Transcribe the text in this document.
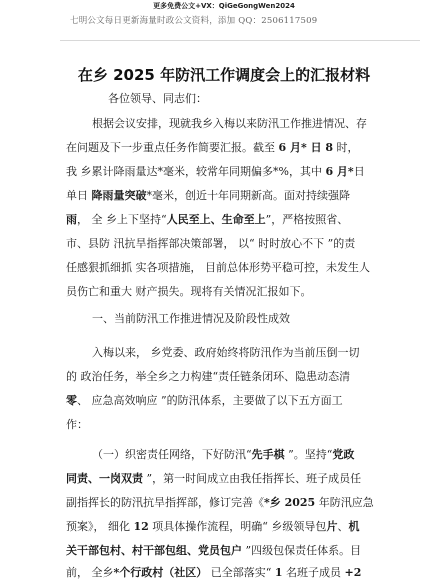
更多免费公文+VX：QiGeGongWen2024
七明公文每日更新海量时政公文资料，添加 QQ：2506117509
在乡 2025 年防汛工作调度会上的汇报材料
各位领导、同志们：
根据会议安排，现就我乡入梅以来防汛工作推进情况、存
在问题及下一步重点任务作简要汇报。截至 6 月* 日 8 时，
我 乡累计降雨量达*毫米，较常年同期偏多*%，其中 6 月*日
单日 降雨量突破*毫米，创近十年同期新高。面对持续强降
雨， 全 乡上下坚持“人民至上、生命至上”，严格按照省、
市、县防 汛抗旱指挥部决策部署， 以“ 时时放心不下 ”的责
任感狠抓细抓 实各项措施， 目前总体形势平稳可控，未发生人
员伤亡和重大 财产损失。现将有关情况汇报如下。
一、当前防汛工作推进情况及阶段性成效
入梅以来， 乡党委、政府始终将防汛作为当前压倒一切
的 政治任务，举全乡之力构建“责任链条闭环、隐患动态清
零、 应急高效响应 ”的防汛体系，主要做了以下五方面工
作：
（一）织密责任网络，下好防汛“先手棋 ”。坚持“党政
同责、一岗双责 ”，第一时间成立由我任指挥长、班子成员任
副指挥长的防汛抗旱指挥部，修订完善《*乡 2025 年防汛应急
预案》， 细化 12 项具体操作流程，明确“ 乡级领导包片、机
关干部包村、村干部包组、党员包户 ”四级包保责任体系。目
前， 全乡*个行政村（社区） 已全部落实“ 1 名班子成员 +2
